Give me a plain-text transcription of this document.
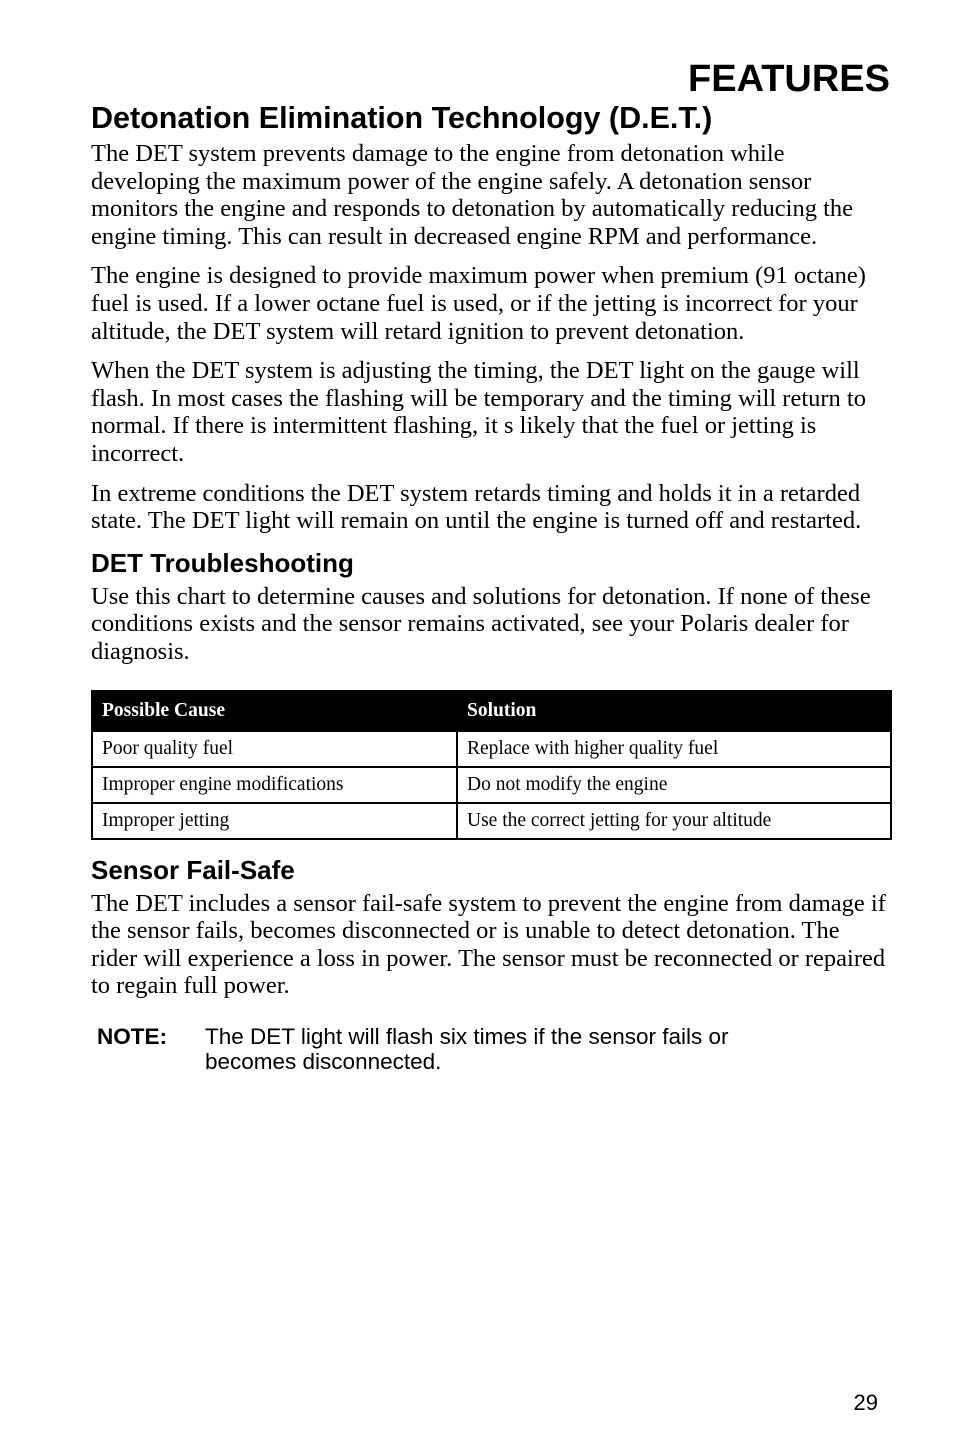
FEATURES
Detonation Elimination Technology (D.E.T.)

The DET system prevents damage to the engine from detonation while developing the maximum power of the engine safely. A detonation sensor monitors the engine and responds to detonation by automatically reducing the engine timing. This can result in decreased engine RPM and performance.

The engine is designed to provide maximum power when premium (91 octane) fuel is used. If a lower octane fuel is used, or if the jetting is incorrect for your altitude, the DET system will retard ignition to prevent detonation.

When the DET system is adjusting the timing, the DET light on the gauge will flash. In most cases the flashing will be temporary and the timing will return to normal. If there is intermittent flashing, it s likely that the fuel or jetting is incorrect.

In extreme conditions the DET system retards timing and holds it in a retarded state. The DET light will remain on until the engine is turned off and restarted.

DET Troubleshooting

Use this chart to determine causes and solutions for detonation. If none of these conditions exists and the sensor remains activated, see your Polaris dealer for diagnosis.

Possible Cause	Solution
Poor quality fuel	Replace with higher quality fuel
Improper engine modifications	Do not modify the engine
Improper jetting	Use the correct jetting for your altitude
Sensor Fail-Safe

The DET includes a sensor fail-safe system to prevent the engine from damage if the sensor fails, becomes disconnected or is unable to detect detonation. The rider will experience a loss in power. The sensor must be reconnected or repaired to regain full power.

NOTE:	The DET light will flash six times if the sensor fails or becomes disconnected.
29
